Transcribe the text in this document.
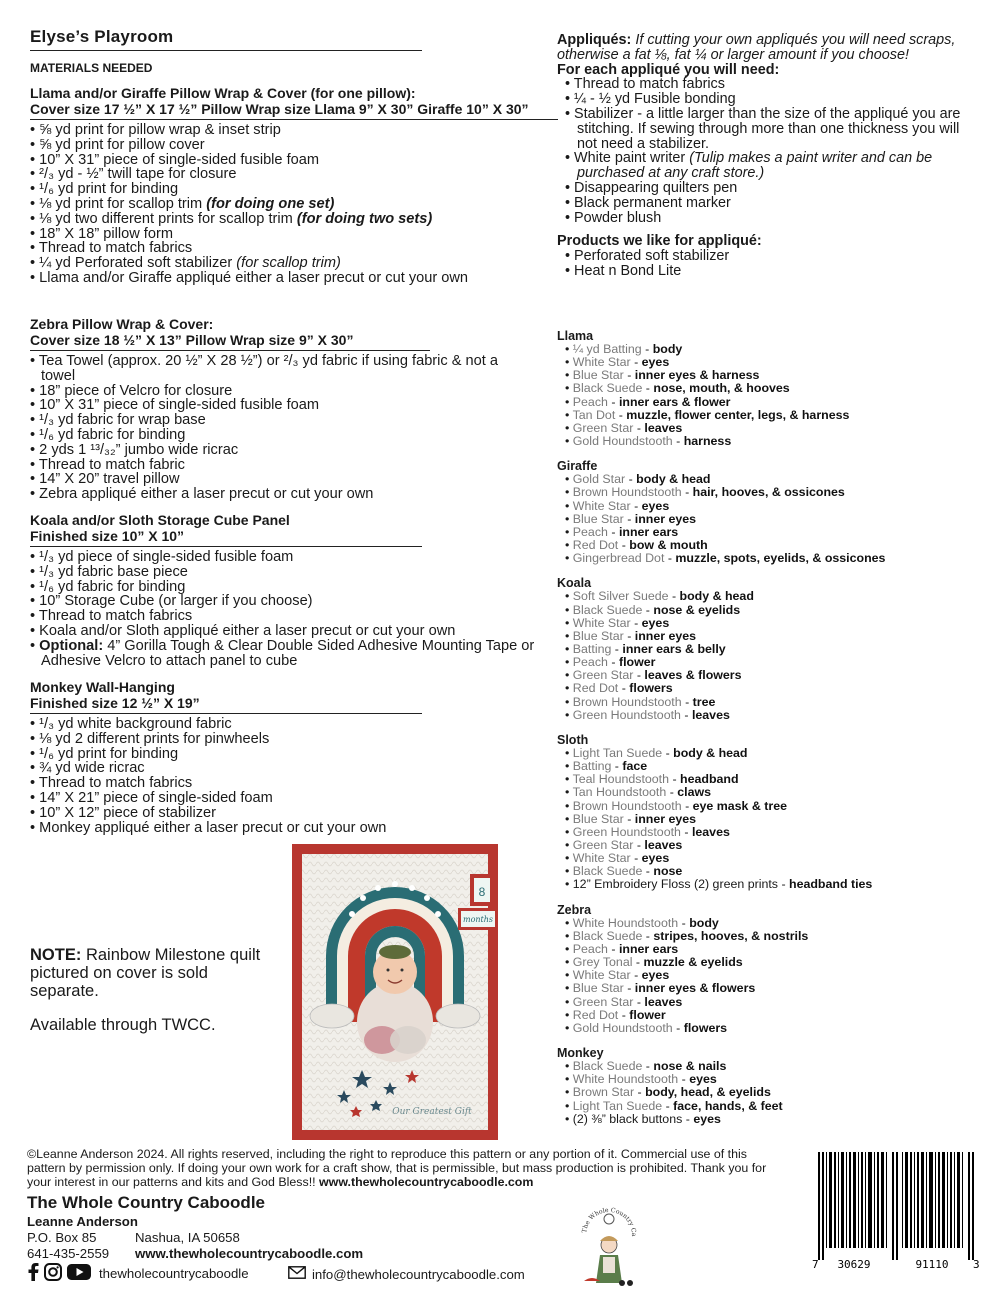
Elyse’s Playroom
MATERIALS NEEDED
Llama and/or Giraffe Pillow Wrap & Cover (for one pillow):
Cover size 17 ½” X 17 ½” Pillow Wrap size Llama 9” X 30” Giraffe 10” X 30”
• ⅝ yd print for pillow wrap & inset strip
• ⅝ yd print for pillow cover
• 10” X 31” piece of single-sided fusible foam
• ²/₃ yd - ½” twill tape for closure
• ¹/₆ yd print for binding
• ⅛ yd print for scallop trim (for doing one set)
• ⅛ yd two different prints for scallop trim (for doing two sets)
• 18” X 18” pillow form
• Thread to match fabrics
• ¼ yd Perforated soft stabilizer (for scallop trim)
• Llama and/or Giraffe appliqué either a laser precut or cut your own
Zebra Pillow Wrap & Cover:
Cover size 18 ½” X 13” Pillow Wrap size 9” X 30”
• Tea Towel (approx. 20 ½” X 28 ½”) or ²/₃ yd fabric if using fabric & not a towel
• 18” piece of Velcro for closure
• 10” X 31” piece of single-sided fusible foam
• ¹/₃ yd fabric for wrap base
• ¹/₆ yd fabric for binding
• 2 yds 1 ¹³/₃₂” jumbo wide ricrac
• Thread to match fabric
• 14” X 20” travel pillow
• Zebra appliqué either a laser precut or cut your own
Koala and/or Sloth Storage Cube Panel
Finished size 10” X 10”
• ¹/₃ yd piece of single-sided fusible foam
• ¹/₃ yd fabric base piece
• ¹/₆ yd fabric for binding
• 10” Storage Cube (or larger if you choose)
• Thread to match fabrics
• Koala and/or Sloth appliqué either a laser precut or cut your own
• Optional: 4” Gorilla Tough & Clear Double Sided Adhesive Mounting Tape or Adhesive Velcro to attach panel to cube
Monkey Wall-Hanging
Finished size 12 ½” X 19”
• ¹/₃ yd white background fabric
• ⅛ yd 2 different prints for pinwheels
• ¹/₆ yd print for binding
• ¾ yd wide ricrac
• Thread to match fabrics
• 14” X 21” piece of single-sided foam
• 10” X 12” piece of stabilizer
• Monkey appliqué either a laser precut or cut your own
NOTE: Rainbow Milestone quilt pictured on cover is sold separate.
Available through TWCC.
8
months
Our Greatest Gift
Appliqués: If cutting your own appliqués you will need scraps, otherwise a fat ⅛, fat ¼ or larger amount if you choose!
For each appliqué you will need:
• Thread to match fabrics
• ¼ - ½ yd Fusible bonding
• Stabilizer - a little larger than the size of the appliqué you are stitching. If sewing through more than one thickness you will not need a stabilizer.
• White paint writer (Tulip makes a paint writer and can be purchased at any craft store.)
• Disappearing quilters pen
• Black permanent marker
• Powder blush
Products we like for appliqué:
• Perforated soft stabilizer
• Heat n Bond Lite
Llama
• ¼ yd Batting - body
• White Star - eyes
• Blue Star - inner eyes & harness
• Black Suede - nose, mouth, & hooves
• Peach - inner ears & flower
• Tan Dot - muzzle, flower center, legs, & harness
• Green Star - leaves
• Gold Houndstooth - harness
Giraffe
• Gold Star - body & head
• Brown Houndstooth - hair, hooves, & ossicones
• White Star - eyes
• Blue Star - inner eyes
• Peach - inner ears
• Red Dot - bow & mouth
• Gingerbread Dot - muzzle, spots, eyelids, & ossicones
Koala
• Soft Silver Suede - body & head
• Black Suede - nose & eyelids
• White Star - eyes
• Blue Star - inner eyes
• Batting - inner ears & belly
• Peach - flower
• Green Star - leaves & flowers
• Red Dot - flowers
• Brown Houndstooth - tree
• Green Houndstooth - leaves
Sloth
• Light Tan Suede - body & head
• Batting - face
• Teal Houndstooth - headband
• Tan Houndstooth - claws
• Brown Houndstooth - eye mask & tree
• Blue Star - inner eyes
• Green Houndstooth - leaves
• Green Star - leaves
• White Star - eyes
• Black Suede - nose
• 12” Embroidery Floss (2) green prints - headband ties
Zebra
• White Houndstooth - body
• Black Suede - stripes, hooves, & nostrils
• Peach - inner ears
• Grey Tonal - muzzle & eyelids
• White Star - eyes
• Blue Star - inner eyes & flowers
• Green Star - leaves
• Red Dot - flower
• Gold Houndstooth - flowers
Monkey
• Black Suede - nose & nails
• White Houndstooth - eyes
• Brown Star - body, head, & eyelids
• Light Tan Suede - face, hands, & feet
• (2) ⅜” black buttons - eyes
©Leanne Anderson 2024. All rights reserved, including the right to reproduce this pattern or any portion of it. Commercial use of this pattern by permission only. If doing your own work for a craft show, that is permissible, but mass production is prohibited. Thank you for your interest in our patterns and kits and God Bless!! www.thewholecountrycaboodle.com
The Whole Country Caboodle
Leanne Anderson
P.O. Box 85	Nashua, IA 50658
641-435-2559 www.thewholecountrycaboodle.com
thewholecountrycaboodle	info@thewholecountrycaboodle.com
The Whole Country Ca
7 30629	91110 3
